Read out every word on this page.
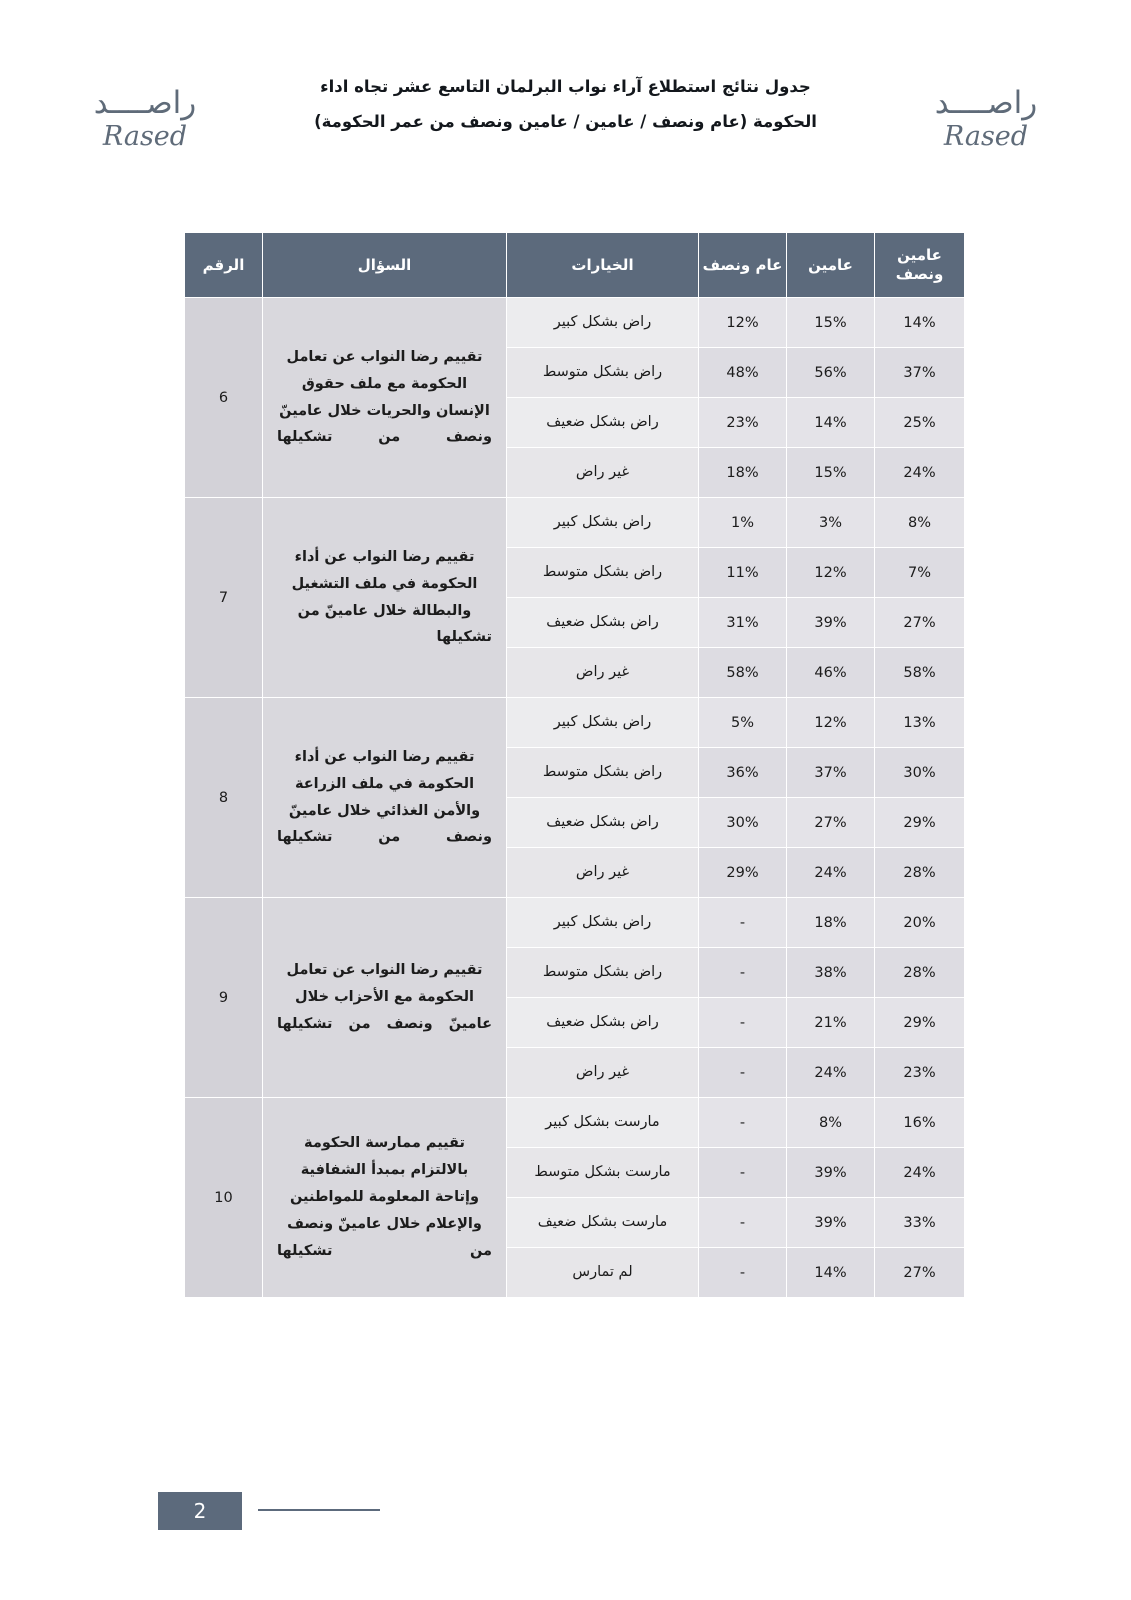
راصــــد
Rased
راصــــد
Rased
جدول نتائج استطلاع آراء نواب البرلمان التاسع عشر تجاه اداء
الحكومة (عام ونصف / عامين / عامين ونصف من عمر الحكومة)
عامين ونصف	عامين	عام ونصف	الخيارات	السؤال	الرقم
14%	15%	12%	راض بشكل كبير	تقييم رضا النواب عن تعامل الحكومة مع ملف حقوق الإنسان والحريات خلال عامينّ ونصف من تشكيلها	6
37%	56%	48%	راض بشكل متوسط		
25%	14%	23%	راض بشكل ضعيف		
24%	15%	18%	غير راض		
8%	3%	1%	راض بشكل كبير	تقييم رضا النواب عن أداء الحكومة في ملف التشغيل والبطالة خلال عامينّ من تشكيلها	7
7%	12%	11%	راض بشكل متوسط		
27%	39%	31%	راض بشكل ضعيف		
58%	46%	58%	غير راض		
13%	12%	5%	راض بشكل كبير	تقييم رضا النواب عن أداء الحكومة في ملف الزراعة والأمن الغذائي خلال عامينّ ونصف من تشكيلها	8
30%	37%	36%	راض بشكل متوسط		
29%	27%	30%	راض بشكل ضعيف		
28%	24%	29%	غير راض		
20%	18%	-	راض بشكل كبير	تقييم رضا النواب عن تعامل الحكومة مع الأحزاب خلال عامينّ ونصف من تشكيلها	9
28%	38%	-	راض بشكل متوسط		
29%	21%	-	راض بشكل ضعيف		
23%	24%	-	غير راض		
16%	8%	-	مارست بشكل كبير	تقييم ممارسة الحكومة بالالتزام بمبدأ الشفافية وإتاحة المعلومة للمواطنين والإعلام خلال عامينّ ونصف من تشكيلها	10
24%	39%	-	مارست بشكل متوسط		
33%	39%	-	مارست بشكل ضعيف		
27%	14%	-	لم تمارس		
2
